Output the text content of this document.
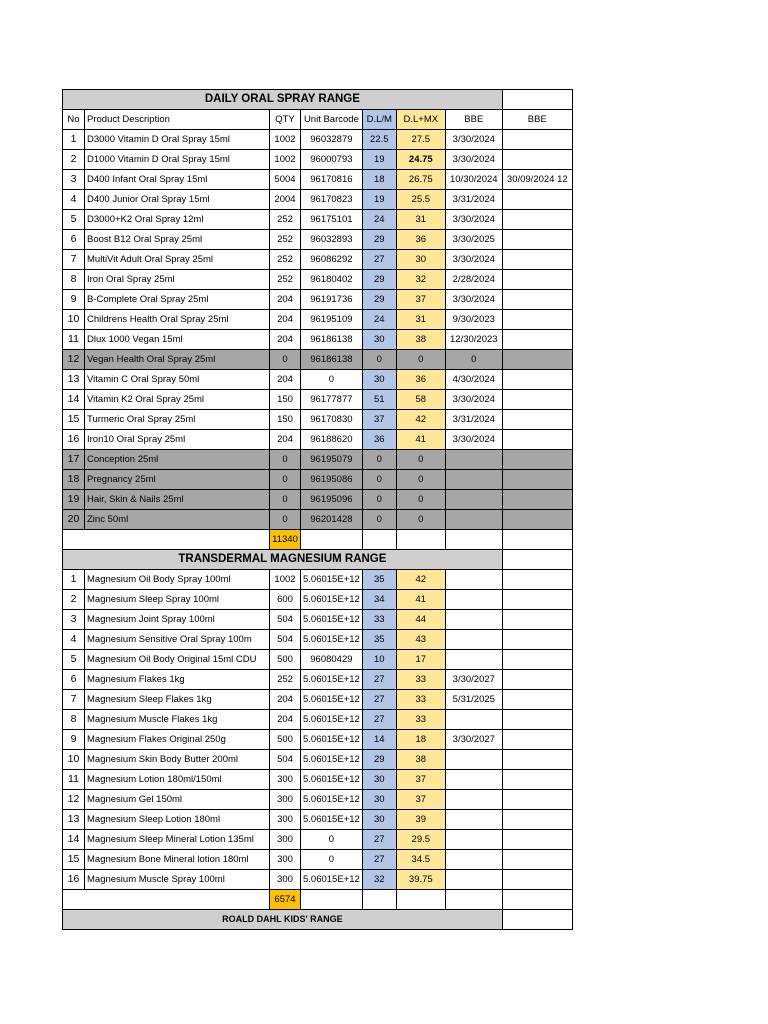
DAILY ORAL SPRAY RANGE							
No	Product Description	QTY	Unit Barcode	D.L/M	D.L+MX	BBE	BBE
1	D3000 Vitamin D Oral Spray 15ml	1002	96032879	22.5	27.5	3/30/2024	
2	D1000 Vitamin D Oral Spray 15ml	1002	96000793	19	24.75	3/30/2024	
3	D400 Infant Oral Spray 15ml	5004	96170816	18	26.75	10/30/2024	30/09/2024 12
4	D400 Junior Oral Spray 15ml	2004	96170823	19	25.5	3/31/2024	
5	D3000+K2 Oral Spray 12ml	252	96175101	24	31	3/30/2024	
6	Boost B12 Oral Spray 25ml	252	96032893	29	36	3/30/2025	
7	MultiVit Adult Oral Spray 25ml	252	96086292	27	30	3/30/2024	
8	Iron Oral Spray 25ml	252	96180402	29	32	2/28/2024	
9	B-Complete Oral Spray 25ml	204	96191736	29	37	3/30/2024	
10	Childrens Health Oral Spray 25ml	204	96195109	24	31	9/30/2023	
11	Dlux 1000 Vegan 15ml	204	96186138	30	38	12/30/2023	
12	Vegan Health Oral Spray 25ml	0	96186138	0	0	0	
13	Vitamin C Oral Spray 50ml	204	0	30	36	4/30/2024	
14	Vitamin K2 Oral Spray 25ml	150	96177877	51	58	3/30/2024	
15	Turmeric Oral Spray 25ml	150	96170830	37	42	3/31/2024	
16	Iron10 Oral Spray 25ml	204	96188620	36	41	3/30/2024	
17	Conception 25ml	0	96195079	0	0		
18	Pregnancy 25ml	0	96195086	0	0		
19	Hair, Skin & Nails 25ml	0	96195096	0	0		
20	Zinc 50ml	0	96201428	0	0		
		11340					
TRANSDERMAL MAGNESIUM RANGE							
1	Magnesium Oil Body Spray 100ml	1002	5.06015E+12	35	42		
2	Magnesium Sleep Spray 100ml	600	5.06015E+12	34	41		
3	Magnesium Joint Spray 100ml	504	5.06015E+12	33	44		
4	Magnesium Sensitive Oral Spray 100m	504	5.06015E+12	35	43		
5	Magnesium Oil Body Original 15ml CDU	500	96080429	10	17		
6	Magnesium Flakes 1kg	252	5.06015E+12	27	33	3/30/2027	
7	Magnesium Sleep Flakes 1kg	204	5.06015E+12	27	33	5/31/2025	
8	Magnesium Muscle Flakes 1kg	204	5.06015E+12	27	33		
9	Magnesium Flakes Original 250g	500	5.06015E+12	14	18	3/30/2027	
10	Magnesium Skin Body Butter 200ml	504	5.06015E+12	29	38		
11	Magnesium Lotion 180ml/150ml	300	5.06015E+12	30	37		
12	Magnesium Gel 150ml	300	5.06015E+12	30	37		
13	Magnesium Sleep Lotion 180ml	300	5.06015E+12	30	39		
14	Magnesium Sleep Mineral Lotion 135ml	300	0	27	29.5		
15	Magnesium Bone Mineral lotion 180ml	300	0	27	34.5		
16	Magnesium Muscle Spray 100ml	300	5.06015E+12	32	39.75		
		6574					
ROALD DAHL KIDS' RANGE							
